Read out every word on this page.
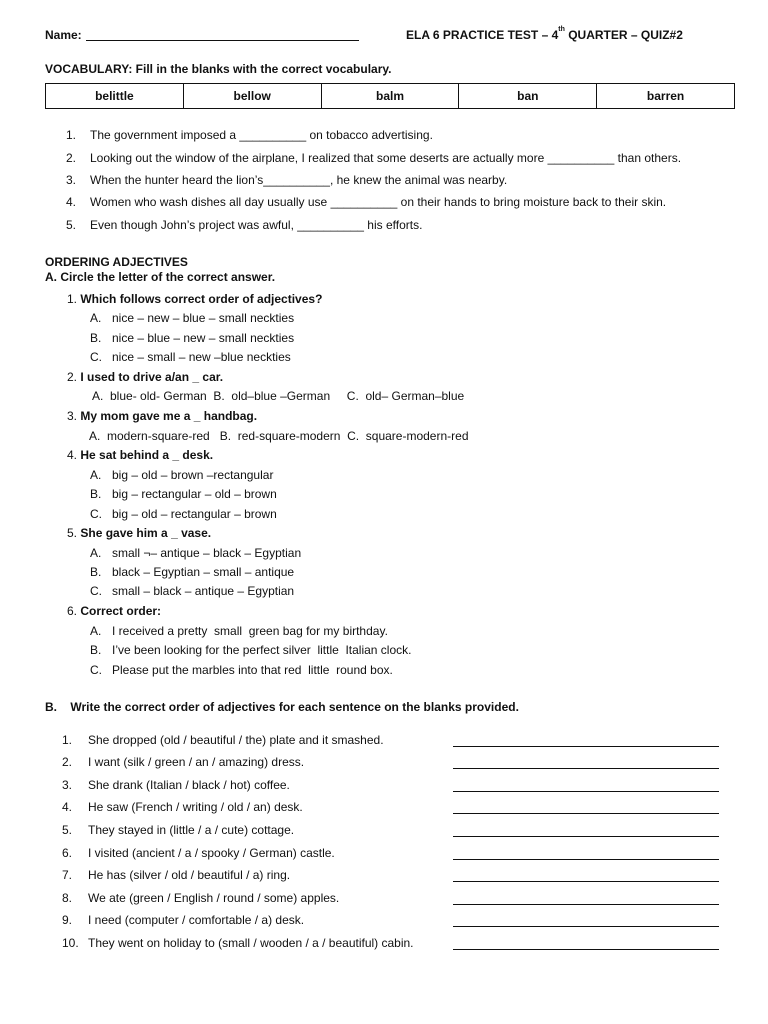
Name:	ELA 6 PRACTICE TEST – 4th QUARTER – QUIZ#2
VOCABULARY: Fill in the blanks with the correct vocabulary.
belittle	bellow	balm	ban	barren
1. The government imposed a __________ on tobacco advertising.
2. Looking out the window of the airplane, I realized that some deserts are actually more __________ than others.
3. When the hunter heard the lion’s__________, he knew the animal was nearby.
4. Women who wash dishes all day usually use __________ on their hands to bring moisture back to their skin.
5. Even though John’s project was awful, __________ his efforts.
ORDERING ADJECTIVES
A. Circle the letter of the correct answer.
1. Which follows correct order of adjectives?
A. nice – new – blue – small neckties
B. nice – blue – new – small neckties
C. nice – small – new –blue neckties
2. I used to drive a/an _ car.
A.  blue- old- German  B.  old–blue –German     C.  old– German–blue
3. My mom gave me a _ handbag.
A.  modern-square-red   B.  red-square-modern  C.  square-modern-red
4. He sat behind a _ desk.
A. big – old – brown –rectangular
B. big – rectangular – old – brown
C. big – old – rectangular – brown
5. She gave him a _ vase.
A. small ¬– antique – black – Egyptian
B. black – Egyptian – small – antique
C. small – black – antique – Egyptian
6. Correct order:
A. I received a pretty  small  green bag for my birthday.
B. I’ve been looking for the perfect silver  little  Italian clock.
C. Please put the marbles into that red  little  round box.
B.    Write the correct order of adjectives for each sentence on the blanks provided.
1. She dropped (old / beautiful / the) plate and it smashed.
2. I want (silk / green / an / amazing) dress.
3. She drank (Italian / black / hot) coffee.
4. He saw (French / writing / old / an) desk.
5. They stayed in (little / a / cute) cottage.
6. I visited (ancient / a / spooky / German) castle.
7. He has (silver / old / beautiful / a) ring.
8. We ate (green / English / round / some) apples.
9. I need (computer / comfortable / a) desk.
10. They went on holiday to (small / wooden / a / beautiful) cabin.
